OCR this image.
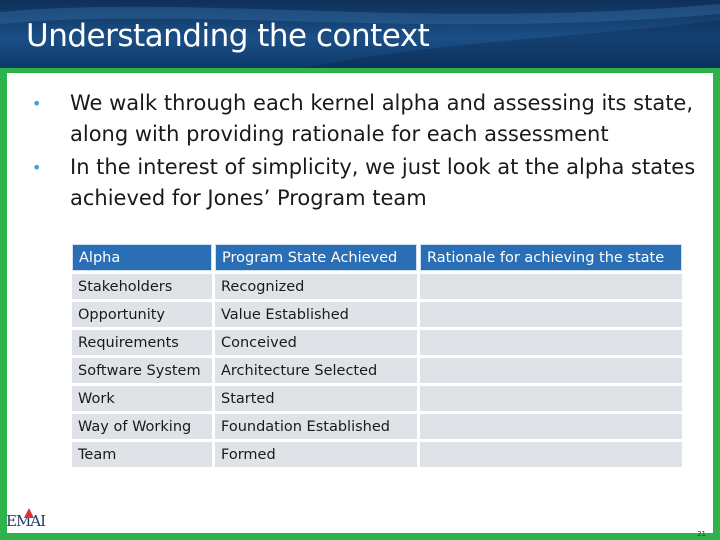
Understanding the context
• We walk through each kernel alpha and assessing its state, along with providing rationale for each assessment
• In the interest of simplicity, we just look at the alpha states achieved for Jones’ Program team
Alpha	Program State Achieved	Rationale for achieving the state
Stakeholders	Recognized	
Opportunity	Value Established	
Requirements	Conceived	
Software System	Architecture Selected	
Work	Started	
Way of Working	Foundation Established	
Team	Formed	
EMAI
21
